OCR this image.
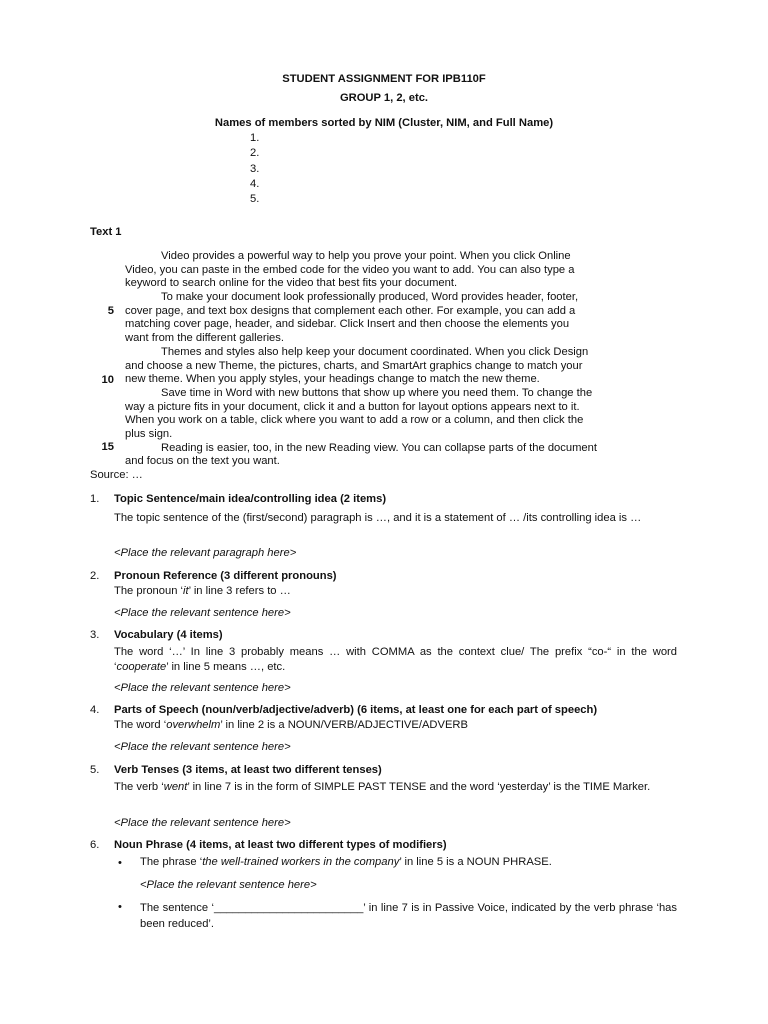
STUDENT ASSIGNMENT FOR IPB110F
GROUP 1, 2, etc.
Names of members sorted by NIM (Cluster, NIM, and Full Name)
1.
2.
3.
4.
5.
Text 1
Video provides a powerful way to help you prove your point. When you click Online
Video, you can paste in the embed code for the video you want to add. You can also type a
keyword to search online for the video that best fits your document.
To make your document look professionally produced, Word provides header, footer,
cover page, and text box designs that complement each other. For example, you can add a
matching cover page, header, and sidebar. Click Insert and then choose the elements you
want from the different galleries.
Themes and styles also help keep your document coordinated. When you click Design
and choose a new Theme, the pictures, charts, and SmartArt graphics change to match your
new theme. When you apply styles, your headings change to match the new theme.
Save time in Word with new buttons that show up where you need them. To change the
way a picture fits in your document, click it and a button for layout options appears next to it.
When you work on a table, click where you want to add a row or a column, and then click the
plus sign.
Reading is easier, too, in the new Reading view. You can collapse parts of the document
and focus on the text you want.
5
10
15
Source: …
1. Topic Sentence/main idea/controlling idea (2 items)
The topic sentence of the (first/second) paragraph is …, and it is a statement of … /its controlling idea is …
<Place the relevant paragraph here>
2. Pronoun Reference (3 different pronouns)
The pronoun ‘it’ in line 3 refers to …
<Place the relevant sentence here>
3. Vocabulary (4 items)
The word ‘…’ In line 3 probably means … with COMMA as the context clue/ The prefix “co-“ in the word ‘cooperate’ in line 5 means …, etc.
<Place the relevant sentence here>
4. Parts of Speech (noun/verb/adjective/adverb) (6 items, at least one for each part of speech)
The word ‘overwhelm’ in line 2 is a NOUN/VERB/ADJECTIVE/ADVERB
<Place the relevant sentence here>
5. Verb Tenses (3 items, at least two different tenses)
The verb ‘went’ in line 7 is in the form of SIMPLE PAST TENSE and the word ‘yesterday’ is the TIME Marker.
<Place the relevant sentence here>
6. Noun Phrase (4 items, at least two different types of modifiers)
• The phrase ‘the well-trained workers in the company’ in line 5 is a NOUN PHRASE.
<Place the relevant sentence here>
• The sentence ‘________________________’ in line 7 is in Passive Voice, indicated by the verb phrase ‘has been reduced’.
